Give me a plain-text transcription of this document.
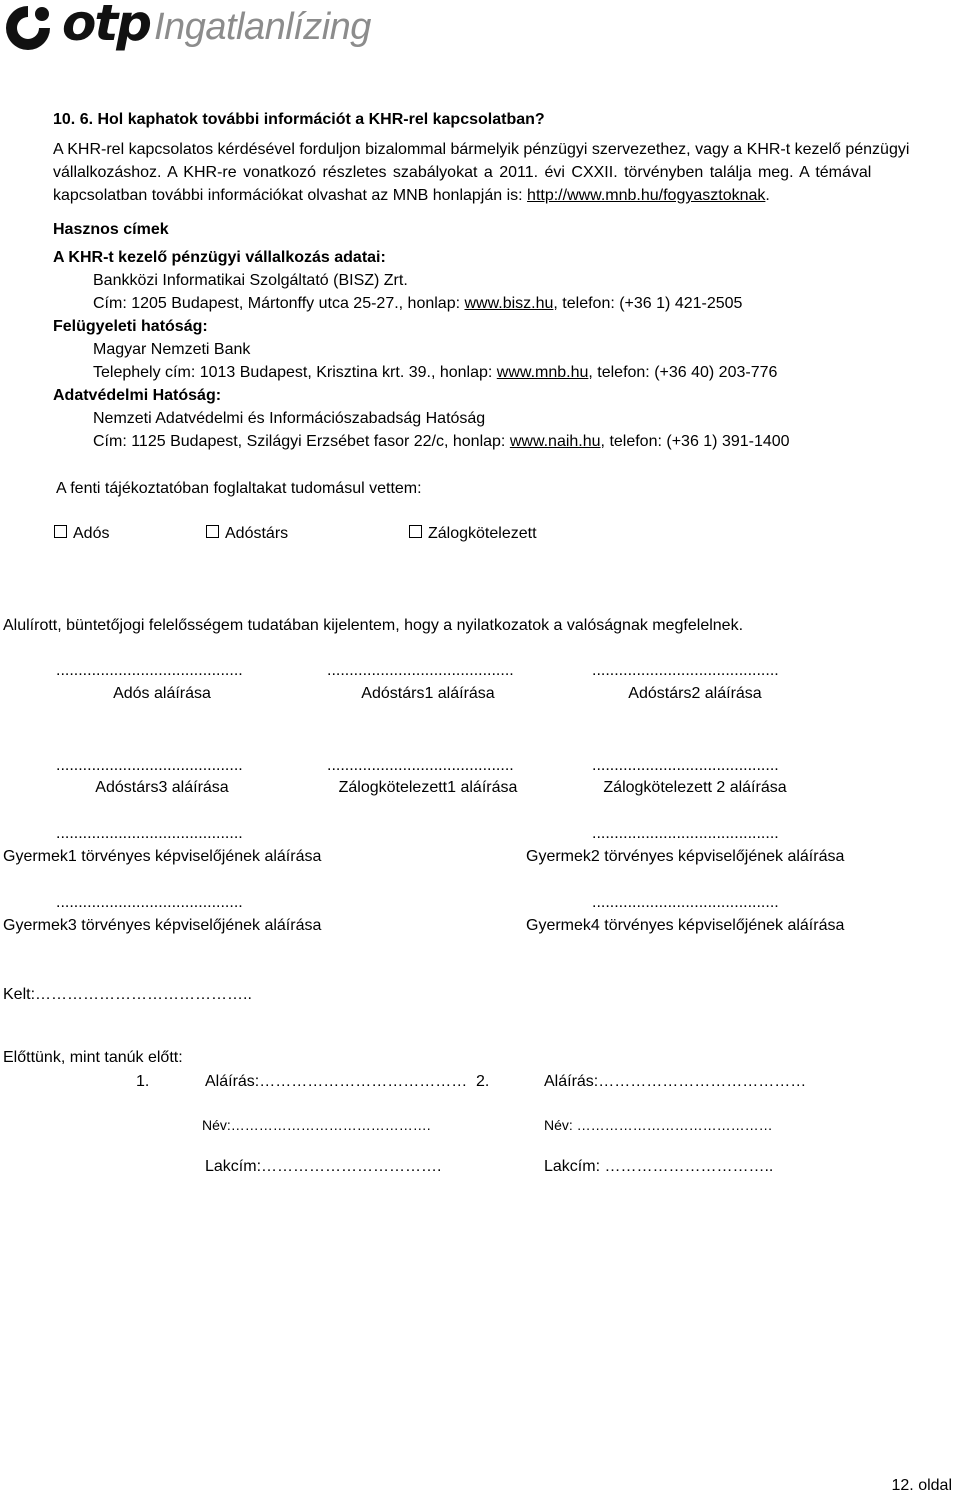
otp Ingatlanlízing
10. 6. Hol kaphatok további információt a KHR-rel kapcsolatban?
A KHR-rel kapcsolatos kérdésével forduljon bizalommal bármelyik pénzügyi szervezethez, vagy a KHR-t kezelő pénzügyi
vállalkozáshoz. A KHR-re vonatkozó részletes szabályokat a 2011. évi CXXII. törvényben találja meg. A témával
kapcsolatban további információkat olvashat az MNB honlapján is: http://www.mnb.hu/fogyasztoknak.
Hasznos címek
A KHR-t kezelő pénzügyi vállalkozás adatai:
Bankközi Informatikai Szolgáltató (BISZ) Zrt.
Cím: 1205 Budapest, Mártonffy utca 25-27., honlap: www.bisz.hu, telefon: (+36 1) 421-2505
Felügyeleti hatóság:
Magyar Nemzeti Bank
Telephely cím: 1013 Budapest, Krisztina krt. 39., honlap: www.mnb.hu, telefon: (+36 40) 203-776
Adatvédelmi Hatóság:
Nemzeti Adatvédelmi és Információszabadság Hatóság
Cím: 1125 Budapest, Szilágyi Erzsébet fasor 22/c, honlap: www.naih.hu, telefon: (+36 1) 391-1400
A fenti tájékoztatóban foglaltakat tudomásul vettem:
Adós	Adóstárs	Zálogkötelezett
Alulírott, büntetőjogi felelősségem tudatában kijelentem, hogy a nyilatkozatok a valóságnak megfelelnek.
..........................................	..........................................	..........................................
Adós aláírása	Adóstárs1 aláírása	Adóstárs2 aláírása
..........................................	..........................................	..........................................
Adóstárs3 aláírása	Zálogkötelezett1 aláírása	Zálogkötelezett 2 aláírása
..........................................	..........................................
Gyermek1 törvényes képviselőjének aláírása	Gyermek2 törvényes képviselőjének aláírása
..........................................	..........................................
Gyermek3 törvényes képviselőjének aláírása	Gyermek4 törvényes képviselőjének aláírása
Kelt:…………………………………..
Előttünk, mint tanúk előtt:
1.	Aláírás:………………………………… 2.	Aláírás:…………………………………
Név:…………………………………….	Név: ……………………………………
Lakcím:…………………………….	Lakcím: …………………………..
12. oldal
